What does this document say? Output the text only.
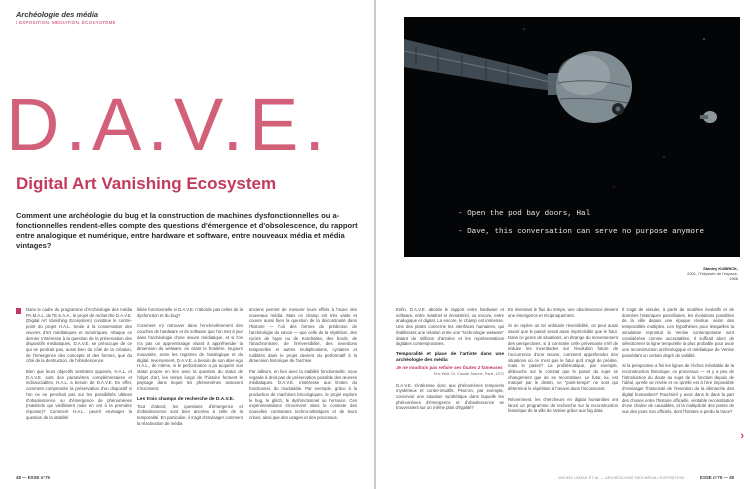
Archéologie des média
/ EXPOSITION, MÉDIATION, ÉCOSYSTÈME
D.A.V.E.
Digital Art Vanishing Ecosystem
Comment une archéologie du bug et la construction de machines dysfonctionnelles ou a-fonctionnelles rendent-elles compte des questions d'émergence et d'obsolescence, du rapport entre analogique et numérique, entre hardware et software, entre nouveaux média et média vintages?

Dans le cadre du programme d'Archéologie des média PA.M.A.L. de l'E.S.A.A., le projet de recherche D.A.V.E. (Digital Art Vanishing Ecosystem) constitue le contre-point du projet H.A.L. Seule à la conservation des œuvres d'art médiatiques et numériques. Attaque ce dernier s'intéresse à la question de la préservation des dispositifs médiatiques, D.A.V.E. se préoccupe de ce qui se perdrait pas, aussi bien du côté de la création, de l'émergence des concepts et des formes, que du côté de la destruction, de l'obsolescence.

Bien que leurs objectifs semblent opposés, H.A.L. et D.A.V.E. sont des paramètres complémentaires et indissociables. H.A.L. a besoin de D.A.V.E. En effet, comment comprendre la préservation d'un dispositif si l'on ne se penchait pas sur les possibilités ultimes d'obsolescence ou d'émergence de phénomènes (matériels qui vieillissent mais en ont à la première réponse)? Comment H.A.L. peut-il envisager la question de la stabilité

biliée fonctionnelle si D.A.V.E. n'aborde pas celles de la dysfonction et du bug?

Comment s'y retrouver dans l'enchevêtrement des couches de hardware et de software que l'on met à jour dans l'archéologie d'une œuvre médiatique, et si l'on n'a pas un apprentissage visant à appréhender la dimension du welware, en citant le frontière, toujours mouvante, entre les registres de l'analogique et du digital. Inversement, D.A.V.E. a besoin de son alter-ego H.A.L., de même, si le performance a pu acquérir son statut propre en lien avec la question du statut de l'objet d'art, les temps longs de l'histoire forment le paysage dans lequel les phénomènes avancent s'inscrivent.

Les trois champs de recherche de D.A.V.E.

Tout d'abord, les questions d'émergence et d'obsolescence sont bien ancrées à celle de la temporalité. En particulier, il s'agit d'envisager comment la réactivation de média

anciens permet de mesurer leurs effets à l'aune des nouveaux média. Mais ce champ est très vaste et couvre aussi bien la question de la discontinuité dans l'histoire — l'où des formes de prédiction de l'archéologie du savoir — que celle de la répétition, des cycles de hype ou de Kondratiev, des bords, de l'anachronisme, de l'irréversibilité, des inventions temporelles et autres multiplications, cyclaires et ruiditités dans le projet devient du performatif à la dimension historique de l'archive.

Par ailleurs, en lien avec la stabilité fonctionnelle, nous regarde à droit pas de préservation possible des œuvres médiatiques. D.A.V.E. s'intéresse aux limites du fonctionnel, du modulable. Par exemple, grâce à la production de machines bricologiques, le projet explore le bug, le glitch, le dysfonctionnel ou l'errance. Ces expérimentations s'inscrivent dans le contexte des nouvelles contraintes techno-artistiques et de leurs crises, ainsi que des usages et des processus.

48 — ESSE n°75
- Open the pod bay doors, Hal
- Dave, this conversation can serve no purpose anymore
Stanley KUBRICK,
2001, l'Odyssée de l'espace,
1968

Enfin, D.A.V.E. aborde le rapport entre hardware et software, entre matériel et immatériel, ou encore, entre analogique et digital. La encore, le champ est immense. Une des pistes concerne les interfaces humaines, qui établissent une relation entre une "technologie wetware" datant de millions d'années et les représentations digitales contemporaines.

Temporalité et place de l'artiste dans une archéologie des média
Je ne voudrais pas refaire ses fautes 2 fameuses
Eric Wolf. Dr. Claude Jeanne, Paris, 1972

D.A.V.E. s'intéresse donc aux phénomènes temporels mystérieux et contre-intuitifs. Peut-on, par exemple, concevoir une situation synthétique dans laquelle les phénomènes d'émergence et d'obsolescence se trouveraient sur un même plan d'égalité?

En inversant le flux du temps, une obsolescence devient une émergence et réciproquement.

Si on repère un tel ordinaire réversibilité, on peut aussi savoir que le passé serait aussi imprévisible que le futur. Dans ce genre de situations, un étrange du renversement des perspectives, si à connotée celle prévenante irréf de réduire les incertitudes sur l'évolution future de l'occurrence d'une œuvre, comment appréhender des situations où ce n'est pas le futur qu'il s'agit de prédire, mais le passé? La problématique, par exemple, débouche sur le constat que le passé du sujet se changement que de se reconstituer. Le futur, lui, est marqué par le destin, ce "point-temps" ne sont qui déterminé le répétition à l'œuvre dans l'inconscient.

Récemment, les chercheurs en digital humanities ont lancé un programme de recherche sur la reconstruction historique de la ville de Venise grâce aux big data.

Il s'agit de simuler, à partir de modèles évolutifs et de données historiques parcellaires, les évolutions possibles de la ville depuis une époque révolue, selon des temporalités multiples. Les hypothèses pour lesquelles la simulation reproduit la Venise contemporaine sont considérées comme acceptables. Il suffirait alors de sélectionner la ligne temporelle la plus probable pour avoir une reconstruction archéologique et médiatique de Venise possédant un certain degré de validité.

Si la perspective a fini les lignes de l'échec inévitable de la reconstruction historique, ce processus — et y a peu de l'introduction du doute au sujet de la fonction depuis de l'idéal, qu'elle se révèle et ce qu'elle est à l'ère impossible d'envisager l'historicité de l'invention de la démarche des digital humanities? Pourrait-il y avoir dans le dans la part des choses entre l'histoire officielle, véritable reconstitution d'une chaîne de causalités, et la multiplicité des points de vue des jours non officiels, dont l'histoire a perdu la trace?

›
MICHEL LEMAS ET AL — ARCHÉOLOGIE DES MÉDIA / EXPOSITION	ESSE n°75 — 49
